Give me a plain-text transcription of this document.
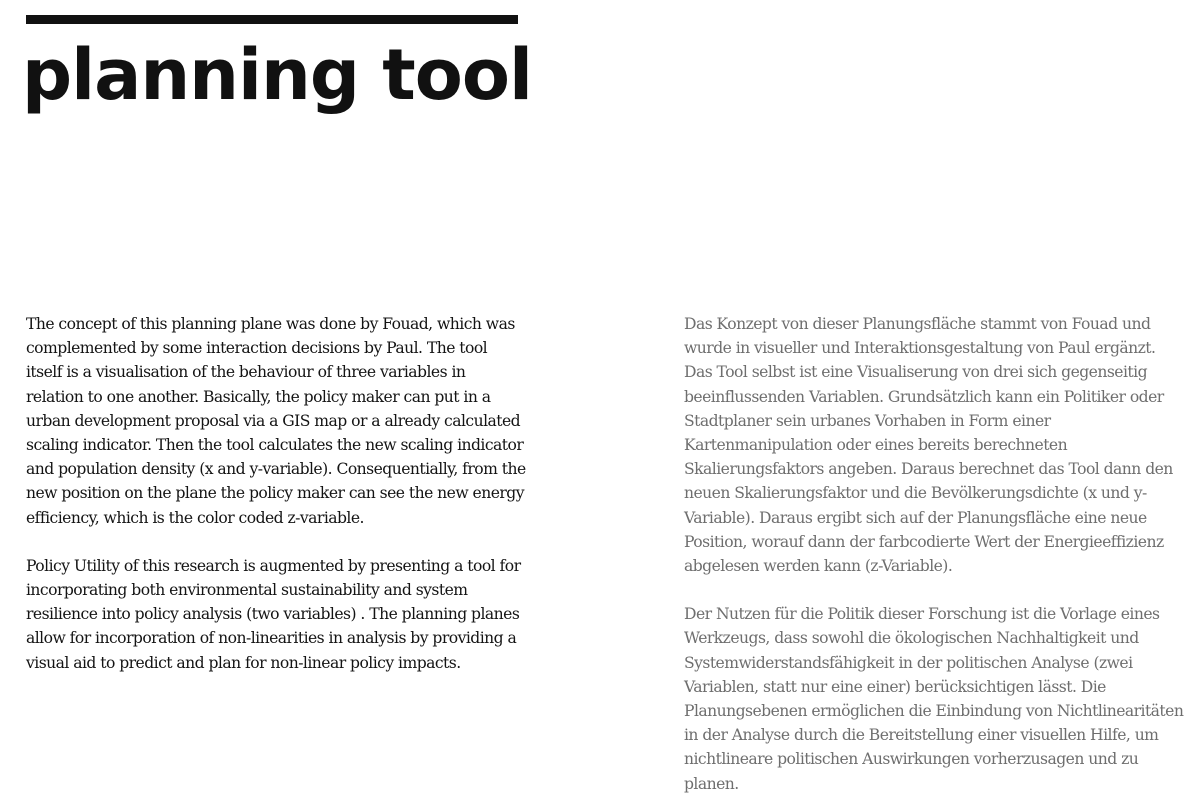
planning tool

The concept of this planning plane was done by Fouad, which was complemented by some interaction decisions by Paul. The tool itself is a visualisation of the behaviour of three variables in relation to one another. Basically, the policy maker can put in a urban development proposal via a GIS map or a already calculated scaling indicator. Then the tool calculates the new scaling indicator and population density (x and y-variable). Consequentially, from the new position on the plane the policy maker can see the new energy efficiency, which is the color coded z-variable.

Policy Utility of this research is augmented by presenting a tool for incorporating both environmental sustainability and system resilience into policy analysis (two variables) . The planning planes allow for incorporation of non-linearities in analysis by providing a visual aid to predict and plan for non-linear policy impacts.

Das Konzept von dieser Planungsfläche stammt von Fouad und wurde in visueller und Interaktionsgestaltung von Paul ergänzt. Das Tool selbst ist eine Visualiserung von drei sich gegenseitig beeinflussenden Variablen. Grundsätzlich kann ein Politiker oder Stadtplaner sein urbanes Vorhaben in Form einer Kartenmanipulation oder eines bereits berechneten Skalierungsfaktors angeben. Daraus berechnet das Tool dann den neuen Skalierungsfaktor und die Bevölkerungsdichte (x und y-Variable). Daraus ergibt sich auf der Planungsfläche eine neue Position, worauf dann der farbcodierte Wert der Energieeffizienz abgelesen werden kann (z-Variable).

Der Nutzen für die Politik dieser Forschung ist die Vorlage eines Werkzeugs, dass sowohl die ökologischen Nachhaltigkeit und Systemwiderstandsfähigkeit in der politischen Analyse (zwei Variablen, statt nur eine einer) berücksichtigen lässt. Die Planungsebenen ermöglichen die Einbindung von Nichtlinearitäten in der Analyse durch die Bereitstellung einer visuellen Hilfe, um nichtlineare politischen Auswirkungen vorherzusagen und zu planen.
